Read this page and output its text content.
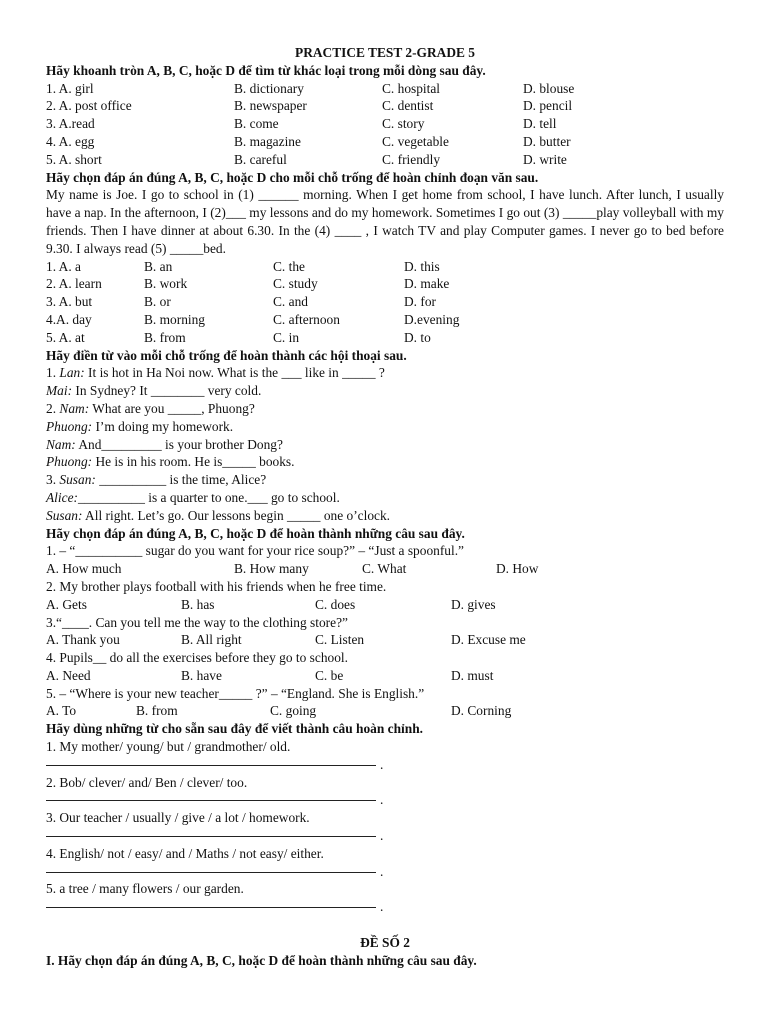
PRACTICE TEST 2-GRADE 5
Hãy khoanh tròn A, B, C, hoặc D để tìm từ khác loại trong mỗi dòng sau đây.
1. A. girl	B. dictionary	C. hospital	D. blouse
2. A. post office	B. newspaper	C. dentist	D. pencil
3. A.read	B. come	C. story	D. tell
4. A. egg	B. magazine	C. vegetable	D. butter
5. A. short	B. careful	C. friendly	D. write
Hãy chọn đáp án đúng A, B, C, hoặc D cho mỗi chỗ trống để hoàn chỉnh đoạn văn sau.
My name is Joe. I go to school in (1) ______ morning. When I get home from school, I have lunch. After lunch, I usually have a nap. In the afternoon, I (2)___ my lessons and do my homework. Sometimes I go out (3) _____play volleyball with my friends. Then I have dinner at about 6.30. In the (4) ____ , I watch TV and play Computer games. I never go to bed before 9.30. I always read (5) _____bed.
1. A. a	B. an	C. the	D. this
2. A. learn	B. work	C. study	D. make
3. A. but	B. or	C. and	D. for
4.A. day	B. morning	C. afternoon	D.evening
5. A. at	B. from	C. in	D. to
Hãy điền từ vào mỗi chỗ trống để hoàn thành các hội thoại sau.
1. Lan: It is hot in Ha Noi now. What is the ___ like in _____ ?
Mai: In Sydney? It ________ very cold.
2. Nam: What are you _____, Phuong?
Phuong: I’m doing my homework.
Nam: And_________ is your brother Dong?
Phuong: He is in his room. He is_____ books.
3. Susan: __________ is the time, Alice?
Alice:__________ is a quarter to one.___ go to school.
Susan: All right. Let’s go. Our lessons begin _____ one o’clock.
Hãy chọn đáp án đúng A, B, C, hoặc D để hoàn thành những câu sau đây.
1. – “__________ sugar do you want for your rice soup?” – “Just a spoonful.”
A. How much	B. How many	C. What	D. How
2. My brother plays football with his friends when he free time.
A. Gets	B. has	C. does	D. gives
3.“____. Can you tell me the way to the clothing store?”
A. Thank you	B. All right	C. Listen	D. Excuse me
4. Pupils__ do all the exercises before they go to school.
A. Need	B. have	C. be	D. must
5. – “Where is your new teacher_____ ?” – “England. She is English.”
A. To	B. from	C. going	D. Corning
Hãy dùng những từ cho sẵn sau đây để viết thành câu hoàn chỉnh.
1. My mother/ young/ but / grandmother/ old.
.
2. Bob/ clever/ and/ Ben / clever/ too.
.
3. Our teacher / usually / give / a lot / homework.
.
4. English/ not / easy/ and / Maths / not easy/ either.
.
5. a tree / many flowers / our garden.
.
ĐỀ SỐ 2
I. Hãy chọn đáp án đúng A, B, C, hoặc D để hoàn thành những câu sau đây.
